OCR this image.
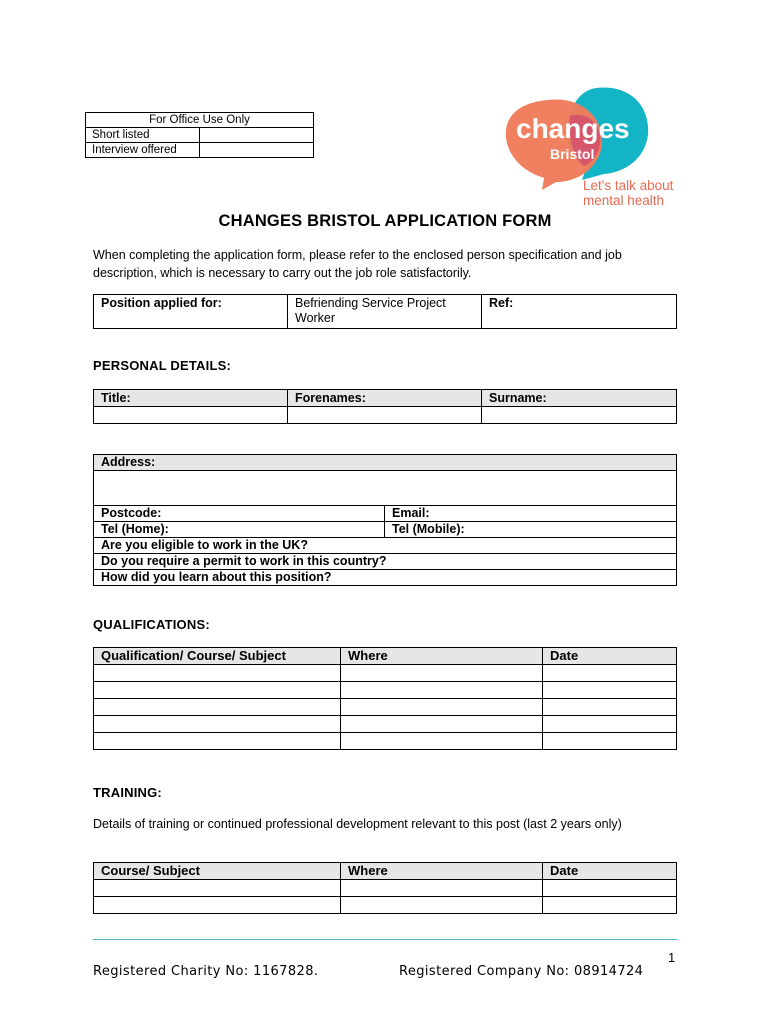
For Office Use Only	
Short listed	
Interview offered	
changes
Bristol
Let's talk about
mental health
CHANGES BRISTOL APPLICATION FORM
When completing the application form, please refer to the enclosed person specification and job description, which is necessary to carry out the job role satisfactorily.
Position applied for:	Befriending Service Project Worker	Ref:
PERSONAL DETAILS:
Title:	Forenames:	Surname:

Address:	

Postcode:	Email:
Tel (Home):	Tel (Mobile):
Are you eligible to work in the UK?	
Do you require a permit to work in this country?	
How did you learn about this position?	
QUALIFICATIONS:
Qualification/ Course/ Subject	Where	Date

TRAINING:
Details of training or continued professional development relevant to this post (last 2 years only)
Course/ Subject	Where	Date

1
Registered Charity No: 1167828.	Registered Company No: 08914724
